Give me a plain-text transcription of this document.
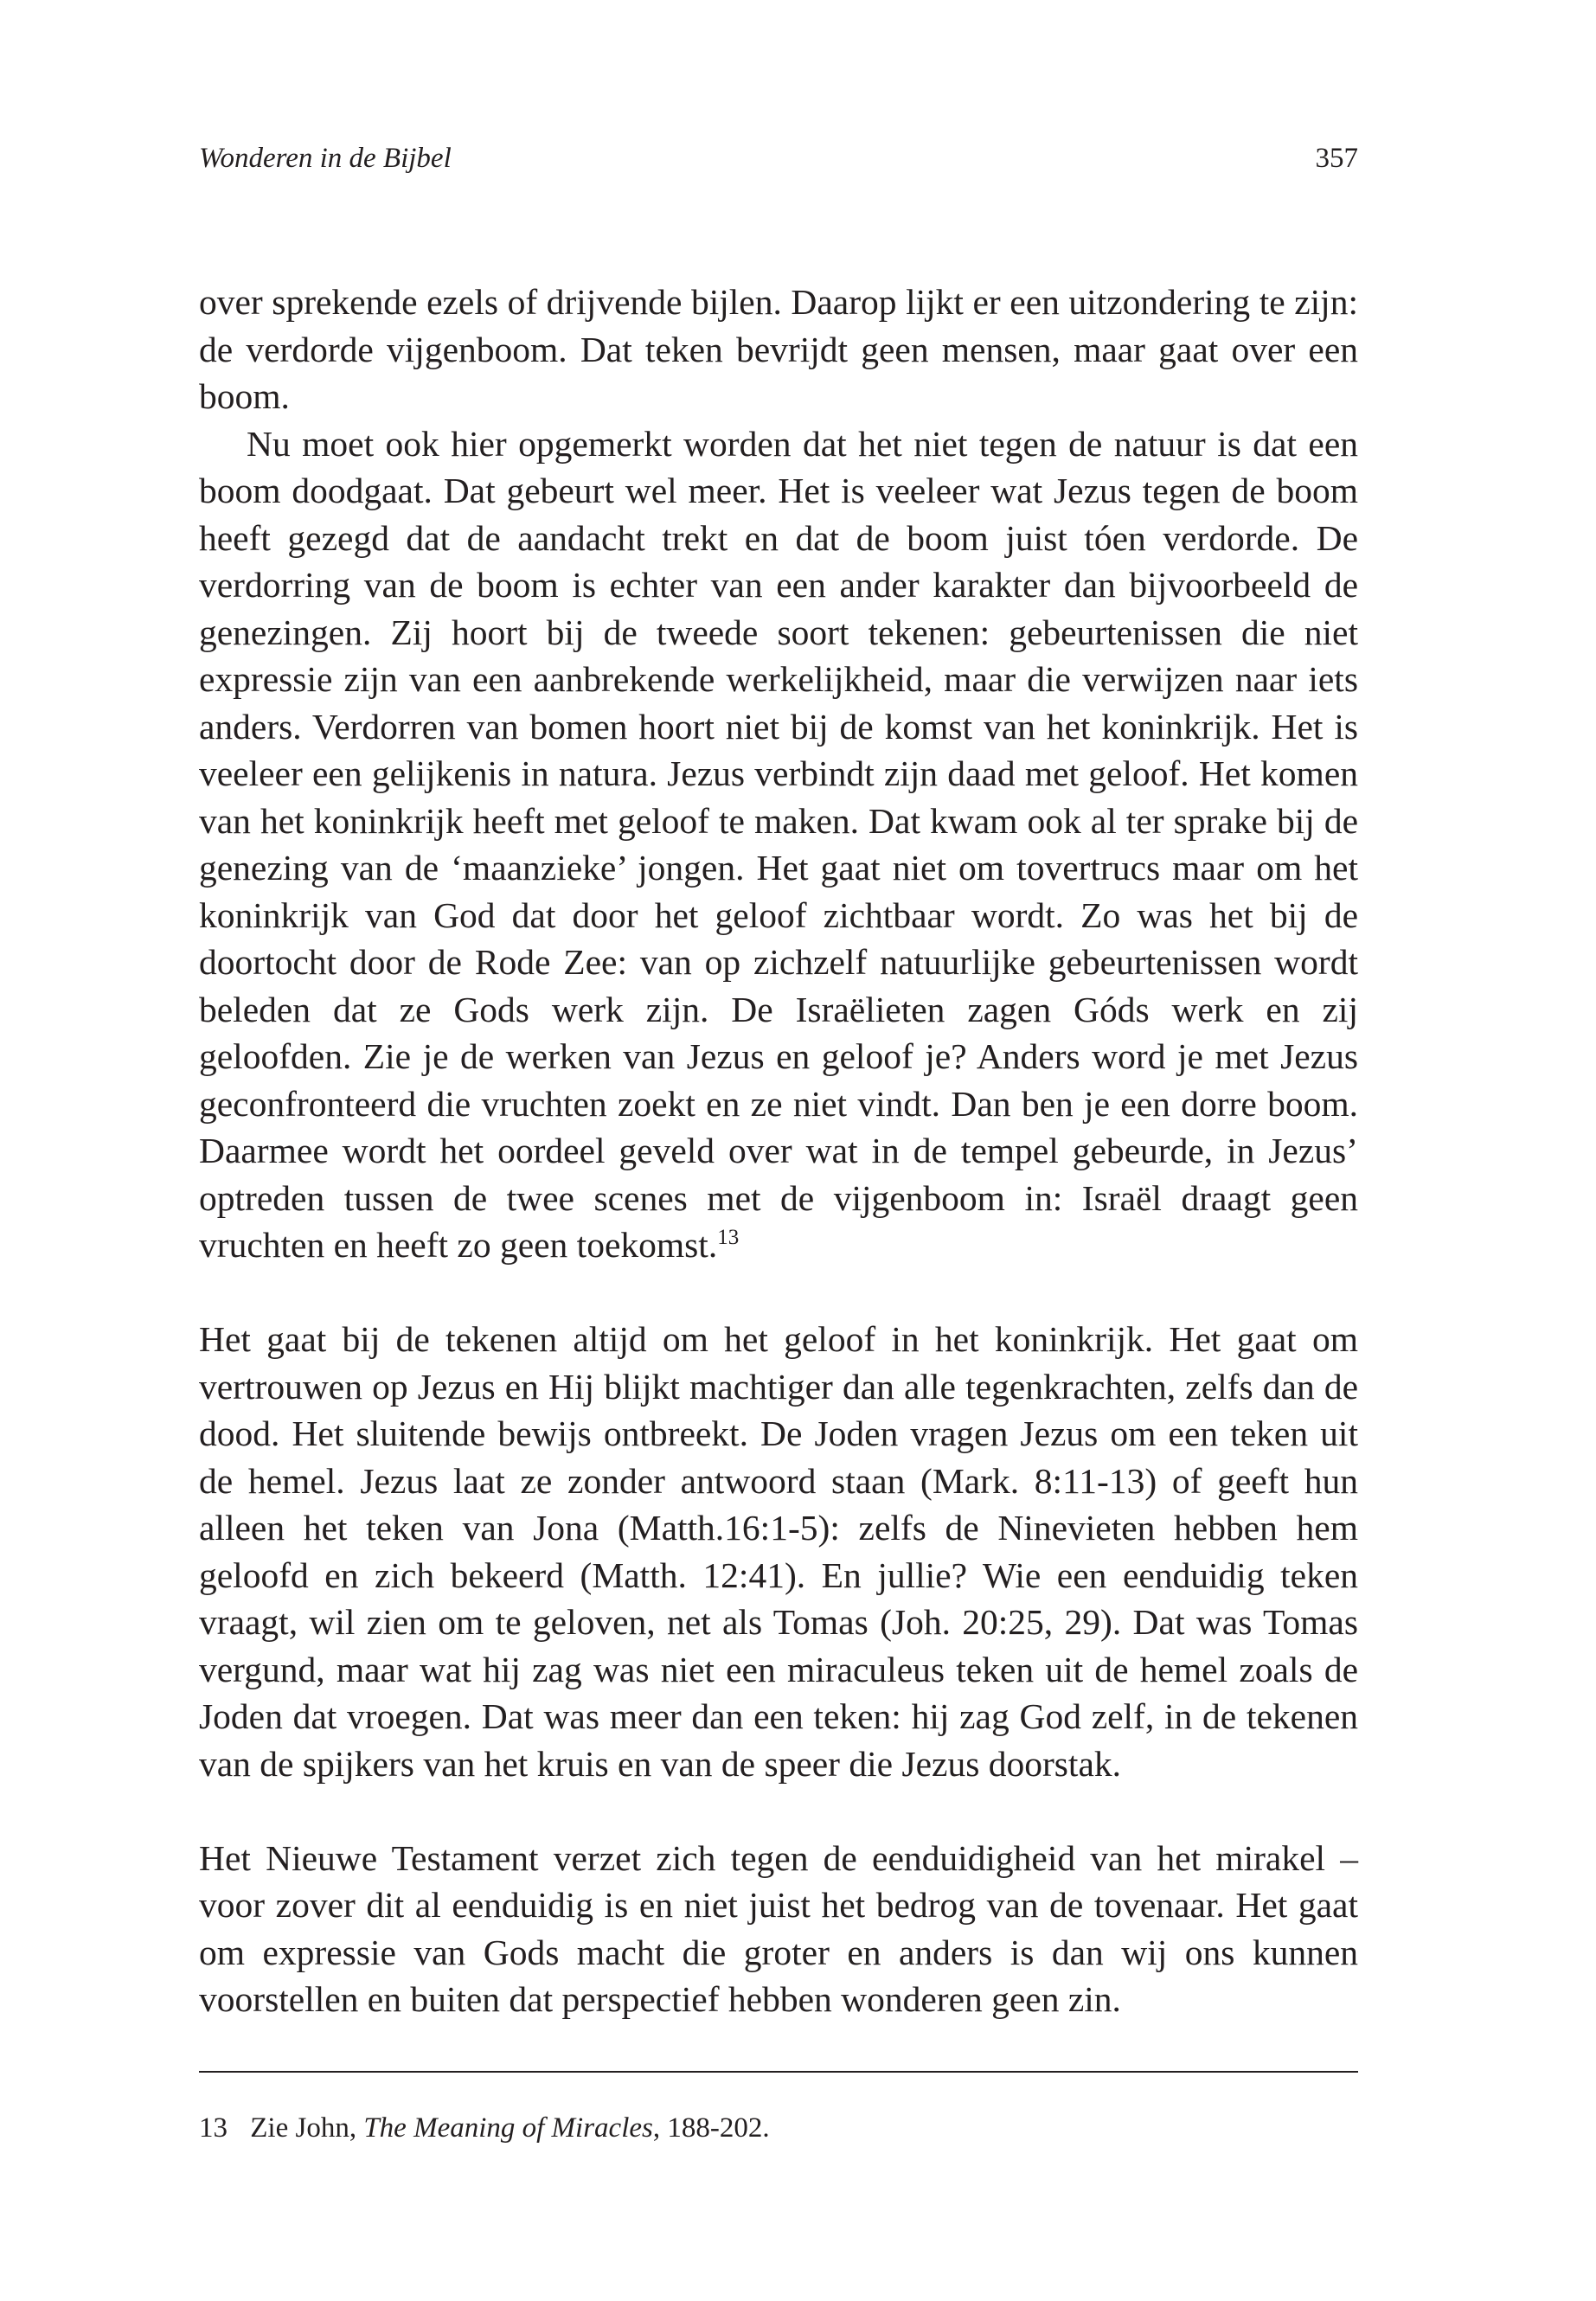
Wonderen in de Bijbel	357

over sprekende ezels of drijvende bijlen. Daarop lijkt er een uitzondering te zijn: de verdorde vijgenboom. Dat teken bevrijdt geen mensen, maar gaat over een boom.

Nu moet ook hier opgemerkt worden dat het niet tegen de natuur is dat een boom doodgaat. Dat gebeurt wel meer. Het is veeleer wat Jezus tegen de boom heeft gezegd dat de aandacht trekt en dat de boom juist tóen verdorde. De verdorring van de boom is echter van een ander karakter dan bijvoorbeeld de genezingen. Zij hoort bij de tweede soort tekenen: gebeurtenissen die niet expressie zijn van een aanbrekende werkelijkheid, maar die verwijzen naar iets anders. Verdorren van bomen hoort niet bij de komst van het koninkrijk. Het is veeleer een gelijkenis in natura. Jezus verbindt zijn daad met geloof. Het komen van het koninkrijk heeft met geloof te maken. Dat kwam ook al ter sprake bij de genezing van de ‘maanzieke’ jongen. Het gaat niet om tovertrucs maar om het koninkrijk van God dat door het geloof zichtbaar wordt. Zo was het bij de doortocht door de Rode Zee: van op zichzelf natuurlijke gebeurtenissen wordt beleden dat ze Gods werk zijn. De Israëlieten zagen Góds werk en zij geloofden. Zie je de werken van Jezus en geloof je? Anders word je met Jezus geconfronteerd die vruchten zoekt en ze niet vindt. Dan ben je een dorre boom. Daarmee wordt het oordeel geveld over wat in de tempel gebeurde, in Jezus’ optreden tussen de twee scenes met de vijgenboom in: Israël draagt geen vruchten en heeft zo geen toekomst.$^{13}$

Het gaat bij de tekenen altijd om het geloof in het koninkrijk. Het gaat om vertrouwen op Jezus en Hij blijkt machtiger dan alle tegenkrachten, zelfs dan de dood. Het sluitende bewijs ontbreekt. De Joden vragen Jezus om een teken uit de hemel. Jezus laat ze zonder antwoord staan (Mark. 8:11-13) of geeft hun alleen het teken van Jona (Matth.16:1-5): zelfs de Ninevieten hebben hem geloofd en zich bekeerd (Matth. 12:41). En jullie? Wie een eenduidig teken vraagt, wil zien om te geloven, net als Tomas (Joh. 20:25, 29). Dat was Tomas vergund, maar wat hij zag was niet een miraculeus teken uit de hemel zoals de Joden dat vroegen. Dat was meer dan een teken: hij zag God zelf, in de tekenen van de spijkers van het kruis en van de speer die Jezus doorstak.

Het Nieuwe Testament verzet zich tegen de eenduidigheid van het mirakel – voor zover dit al eenduidig is en niet juist het bedrog van de tovenaar. Het gaat om expressie van Gods macht die groter en anders is dan wij ons kunnen voorstellen en buiten dat perspectief hebben wonderen geen zin.

13 Zie John, The Meaning of Miracles, 188-202.
